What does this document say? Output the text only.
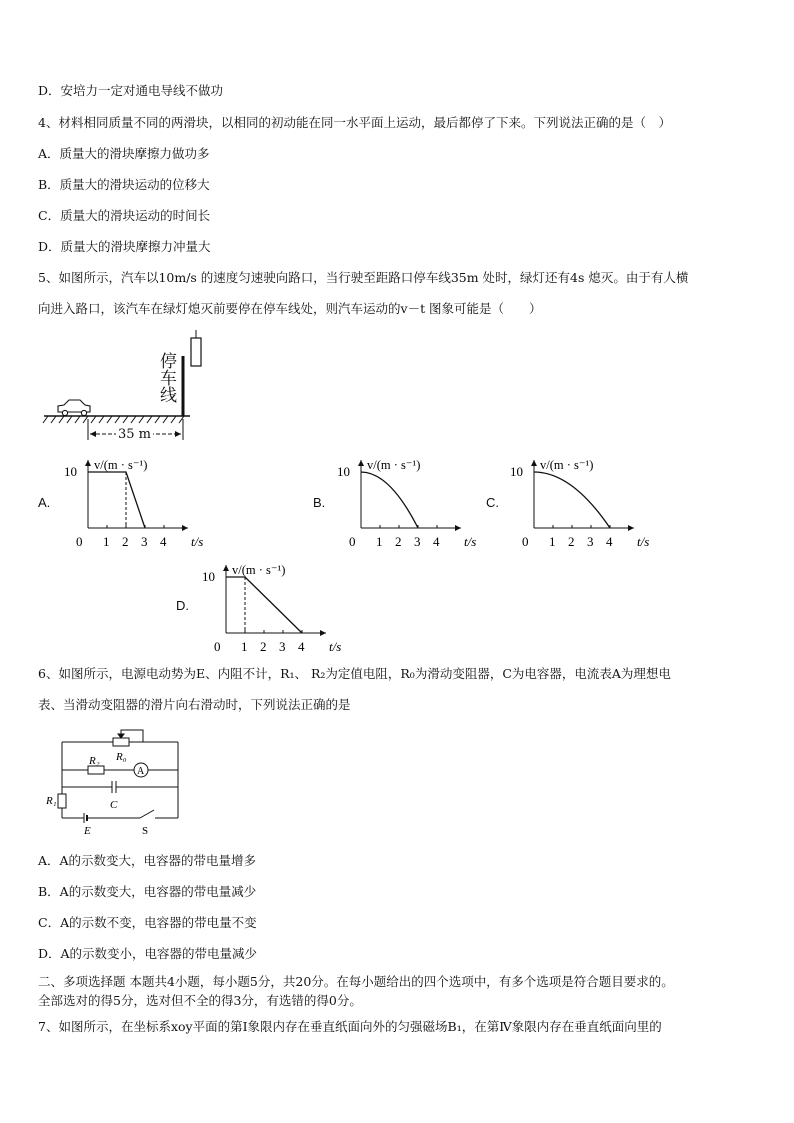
D．安培力一定对通电导线不做功
4、材料相同质量不同的两滑块，以相同的初动能在同一水平面上运动，最后都停了下来。下列说法正确的是（　）
A．质量大的滑块摩擦力做功多
B．质量大的滑块运动的位移大
C．质量大的滑块运动的时间长
D．质量大的滑块摩擦力冲量大
5、如图所示，汽车以10m/s 的速度匀速驶向路口，当行驶至距路口停车线35m 处时，绿灯还有4s 熄灭。由于有人横
向进入路口，该汽车在绿灯熄灭前要停在停车线处，则汽车运动的v－t 图象可能是（　　）
停车线
35 m
A.	B.	C.
D.
v/(m · s⁻¹)
t/s
10
0 1 2 3 4
v/(m · s⁻¹)
t/s
10
0 1 2 3 4
v/(m · s⁻¹)
t/s
10
0 1 2 3 4
v/(m · s⁻¹)
t/s
10
0 1 2 3 4
6、如图所示，电源电动势为E、内阻不计，R₁、 R₂为定值电阻，R₀为滑动变阻器，C为电容器，电流表A为理想电
表、当滑动变阻器的滑片向右滑动时，下列说法正确的是
A
R₀
R₂
R₁	C
E	S
A．A的示数变大，电容器的带电量增多
B．A的示数变大，电容器的带电量减少
C．A的示数不变，电容器的带电量不变
D．A的示数变小，电容器的带电量减少
二、多项选择题 本题共4小题，每小题5分，共20分。在每小题给出的四个选项中，有多个选项是符合题目要求的。
全部选对的得5分，选对但不全的得3分，有选错的得0分。
7、如图所示，在坐标系xoy平面的第Ⅰ象限内存在垂直纸面向外的匀强磁场B₁，在第Ⅳ象限内存在垂直纸面向里的
